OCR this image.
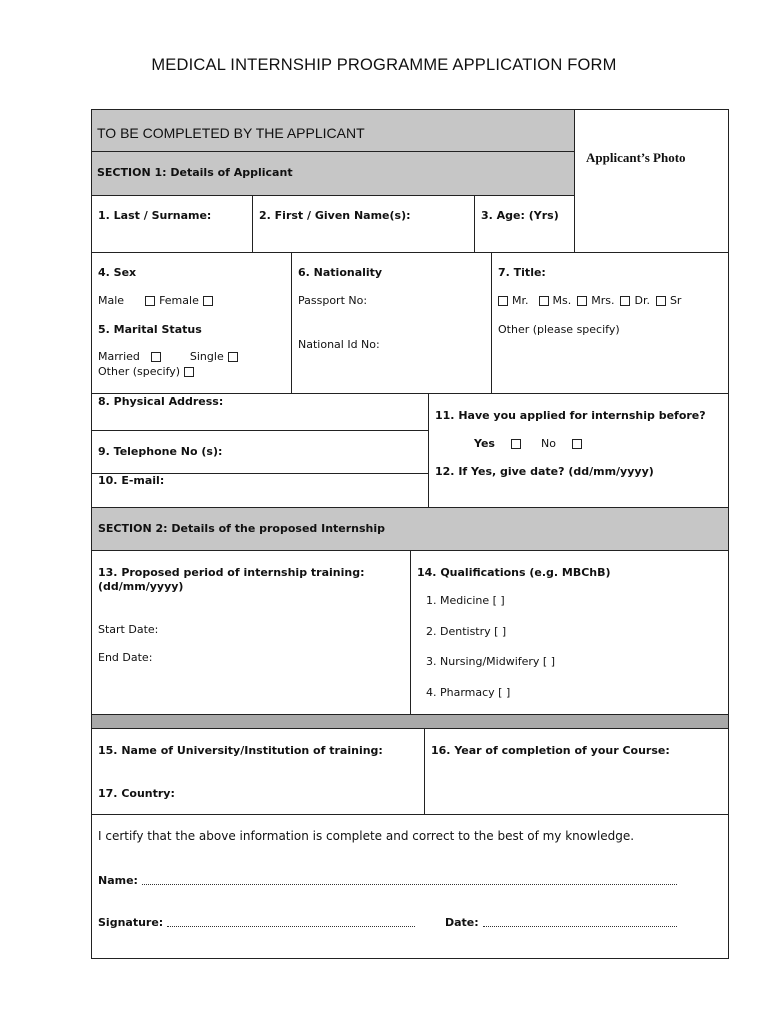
MEDICAL INTERNSHIP PROGRAMME APPLICATION FORM
TO BE COMPLETED BY THE APPLICANT
SECTION 1: Details of Applicant
Applicant’s Photo
1. Last / Surname:	2. First / Given Name(s):	3. Age: (Yrs)
4. Sex
Male	Female
5. Marital Status
Married	Single
Other (specify)
6. Nationality
Passport No:
National Id No:
7. Title:
Mr. Ms. Mrs. Dr. Sr
Other (please specify)
8. Physical Address:
9. Telephone No (s):
10. E-mail:
11. Have you applied for internship before?
Yes	No
12. If Yes, give date? (dd/mm/yyyy)
SECTION 2: Details of the proposed Internship
13. Proposed period of internship training:
(dd/mm/yyyy)
Start Date:
End Date:
14. Qualifications (e.g. MBChB)
1. Medicine [ ]
2. Dentistry [ ]
3. Nursing/Midwifery [ ]
4. Pharmacy [ ]
15. Name of University/Institution of training:	16. Year of completion of your Course:
17. Country:
I certify that the above information is complete and correct to the best of my knowledge.
Name:
Signature:	Date:
